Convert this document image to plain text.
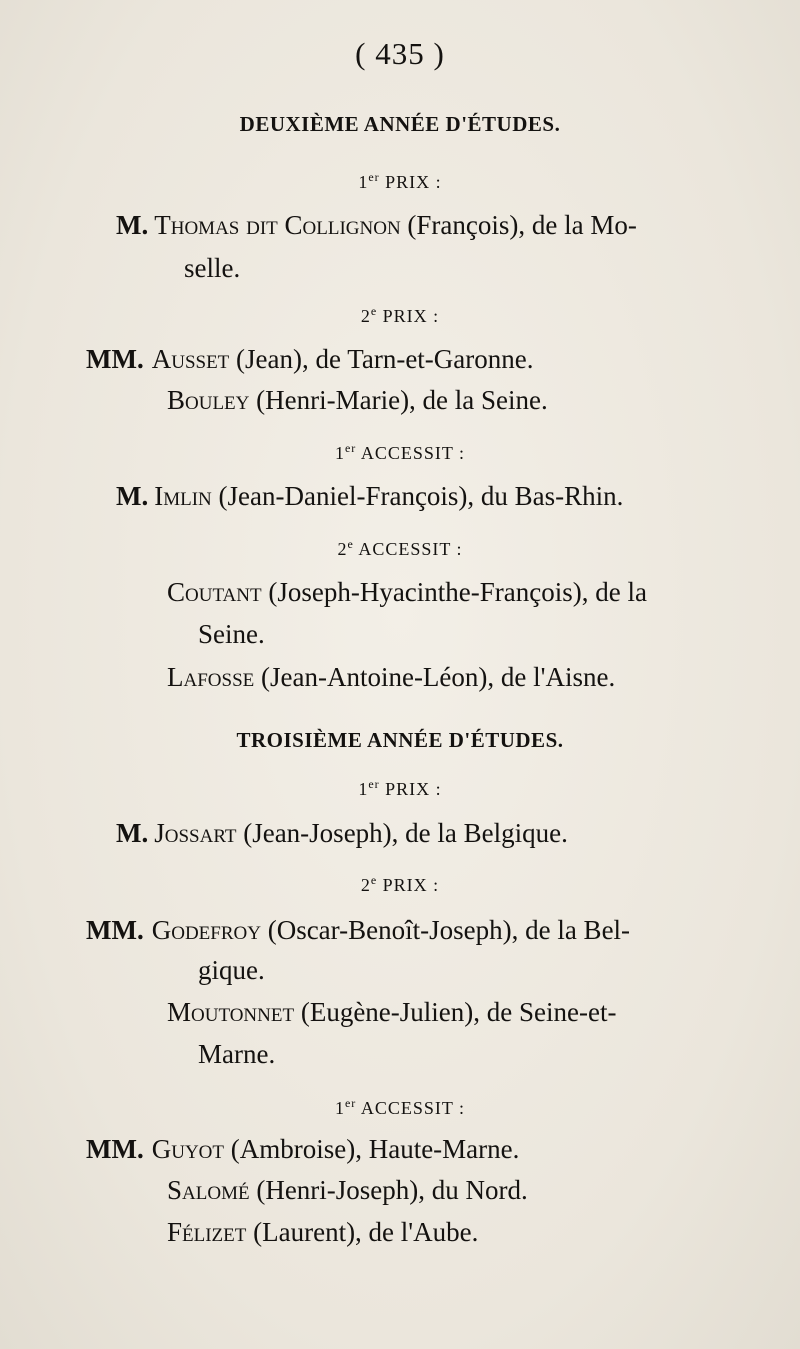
( 435 )
DEUXIÈME ANNÉE D'ÉTUDES.
1er PRIX :
M. Thomas dit Collignon (François), de la Mo-
selle.
2e PRIX :
MM. Ausset (Jean), de Tarn-et-Garonne.
Bouley (Henri-Marie), de la Seine.
1er ACCESSIT :
M. Imlin (Jean-Daniel-François), du Bas-Rhin.
2e ACCESSIT :
Coutant (Joseph-Hyacinthe-François), de la
Seine.
Lafosse (Jean-Antoine-Léon), de l'Aisne.
TROISIÈME ANNÉE D'ÉTUDES.
1er PRIX :
M. Jossart (Jean-Joseph), de la Belgique.
2e PRIX :
MM. Godefroy (Oscar-Benoît-Joseph), de la Bel-
gique.
Moutonnet (Eugène-Julien), de Seine-et-
Marne.
1er ACCESSIT :
MM. Guyot (Ambroise), Haute-Marne.
Salomé (Henri-Joseph), du Nord.
Félizet (Laurent), de l'Aube.
